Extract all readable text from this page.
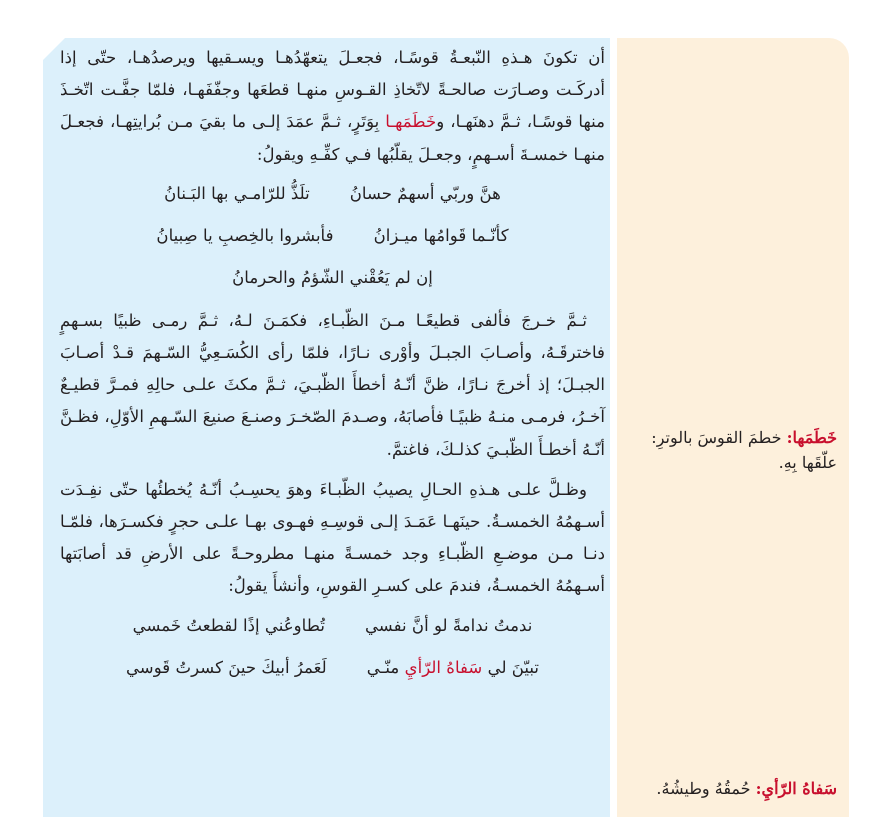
أن تكونَ هـذهِ النّبعـةُ قوسًـا، فجعـلَ يتعهّدُهـا ويسـقيها ويرصدُهـا، حتّى إذا أدركَـت وصـارَت صالحـةً لاتّخاذِ القـوسِ منهـا قطعَها وجفّفَهـا، فلمّا جفَّـت اتّخـذَ منها قوسًـا، ثـمَّ دهنَهـا، وخَطَمَهـا بِوَتَرٍ، ثـمَّ عمَدَ إلـى ما بقيَ مـن بُرايتِهـا، فجعـلَ منهـا خمسـةَ أسـهمٍ، وجعـلَ يقلّبُها فـي كفِّـهِ ويقولُ:

هنَّ وربّي أسهمٌ حسانُ
تلَذُّ للرّامـي بها البَـنانُ
كأنّـما قَوامُها ميـزانُ
فأبشروا بالخِصبِ يا صِبيانُ
إن لم يَعُقْني الشّؤمُ والحرمانُ

ثـمَّ خـرجَ فألفى قطيعًـا مـنَ الظّبـاءِ، فكمَـنَ لـهُ، ثـمَّ رمـى ظبيًا بسـهمٍ فاخترقَـهُ، وأصـابَ الجبـلَ وأوْرى نـارًا، فلمّا رأى الكُسَـعِيُّ السّـهمَ قـدْ أصـابَ الجبـلَ؛ إذ أخرجَ نـارًا، ظنَّ أنّـهُ أخطأَ الظّبـيَ، ثـمَّ مكثَ علـى حالِهِ فمـرَّ قطيـعٌ آخـرُ، فرمـى منـهُ ظبيًـا فأصابَهُ، وصـدمَ الصّخـرَ وصنـعَ صنيعَ السّـهمِ الأوّلِ، فظـنَّ أنّـهُ أخطـأَ الظّبـيَ كذلـكَ، فاغتمَّ.

وظـلَّ علـى هـذهِ الحـالِ يصيبُ الظّبـاءَ وهوَ يحسِـبُ أنّـهُ يُخطئُها حتّى نفِـدَت أسـهمُهُ الخمسـةُ. حينَهـا عَمَـدَ إلـى قوسِـهِ فهـوى بهـا علـى حجرٍ فكسـرَها، فلمّـا دنـا مـن موضـعِ الظّبـاءِ وجد خمسـةً منهـا مطروحـةً على الأرضِ قد أصابَتها أسـهمُهُ الخمسـةُ، فندمَ على كسـرِ القوسِ، وأنشأَ يقولُ:

ندمتُ ندامةً لو أنَّ نفسي
تُطاوعُني إذًا لقطعتُ خَمسي
تبيّنَ لي سَفاهُ الرّأيِ منّـي
لَعَمرُ أبيكَ حينَ كسرتُ قَوسي
خَطَمَها: خطمَ القوسَ بالوترِ: علّقَها بِهِ.
سَفاهُ الرّأيِ: حُمقُهُ وطيشُهُ.
